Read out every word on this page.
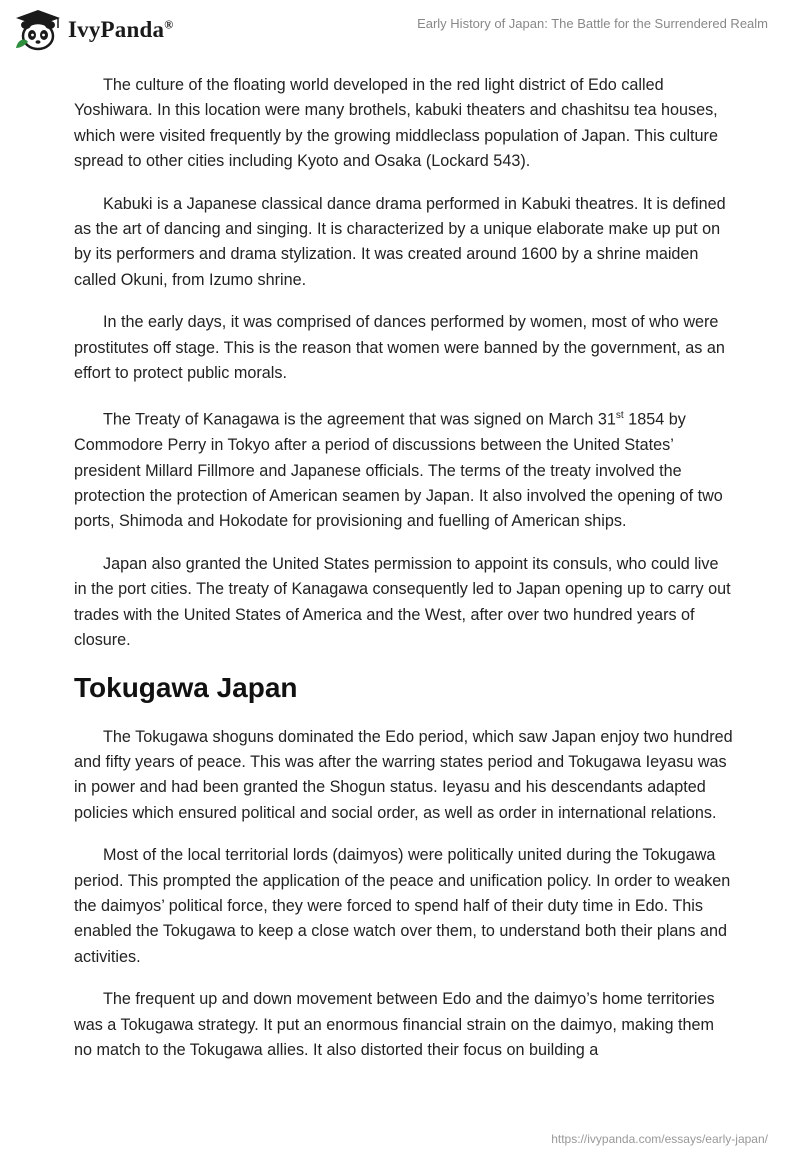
IvyPanda®	Early History of Japan: The Battle for the Surrendered Realm

The culture of the floating world developed in the red light district of Edo called Yoshiwara. In this location were many brothels, kabuki theaters and chashitsu tea houses, which were visited frequently by the growing middleclass population of Japan. This culture spread to other cities including Kyoto and Osaka (Lockard 543).

Kabuki is a Japanese classical dance drama performed in Kabuki theatres. It is defined as the art of dancing and singing. It is characterized by a unique elaborate make up put on by its performers and drama stylization. It was created around 1600 by a shrine maiden called Okuni, from Izumo shrine.

In the early days, it was comprised of dances performed by women, most of who were prostitutes off stage. This is the reason that women were banned by the government, as an effort to protect public morals.

The Treaty of Kanagawa is the agreement that was signed on March 31st 1854 by Commodore Perry in Tokyo after a period of discussions between the United States’ president Millard Fillmore and Japanese officials. The terms of the treaty involved the protection the protection of American seamen by Japan. It also involved the opening of two ports, Shimoda and Hokodate for provisioning and fuelling of American ships.

Japan also granted the United States permission to appoint its consuls, who could live in the port cities. The treaty of Kanagawa consequently led to Japan opening up to carry out trades with the United States of America and the West, after over two hundred years of closure.

Tokugawa Japan

The Tokugawa shoguns dominated the Edo period, which saw Japan enjoy two hundred and fifty years of peace. This was after the warring states period and Tokugawa Ieyasu was in power and had been granted the Shogun status. Ieyasu and his descendants adapted policies which ensured political and social order, as well as order in international relations.

Most of the local territorial lords (daimyos) were politically united during the Tokugawa period. This prompted the application of the peace and unification policy. In order to weaken the daimyos’ political force, they were forced to spend half of their duty time in Edo. This enabled the Tokugawa to keep a close watch over them, to understand both their plans and activities.

The frequent up and down movement between Edo and the daimyo’s home territories was a Tokugawa strategy. It put an enormous financial strain on the daimyo, making them no match to the Tokugawa allies. It also distorted their focus on building a

https://ivypanda.com/essays/early-japan/
